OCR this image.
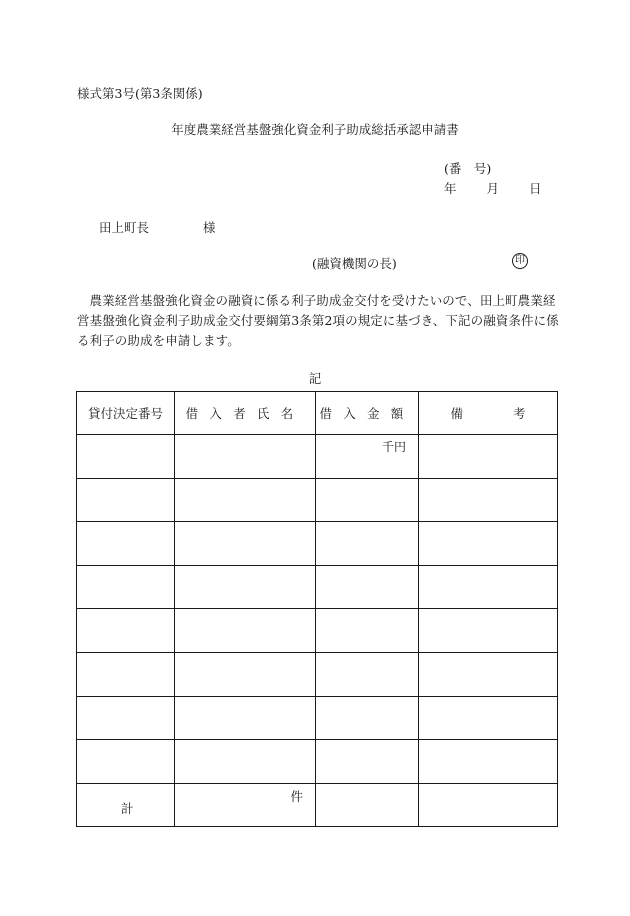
様式第3号(第3条関係)
年度農業経営基盤強化資金利子助成総括承認申請書
(番　号)
年 月 日
田上町長	様
(融資機関の長)	印
農業経営基盤強化資金の融資に係る利子助成金交付を受けたいので、田上町農業経営基盤強化資金利子助成金交付要綱第3条第2項の規定に基づき、下記の融資条件に係る利子の助成を申請します。
記
貸付決定番号	借入者氏名	借入金額	備　　　　考

		千円	

計	件		
